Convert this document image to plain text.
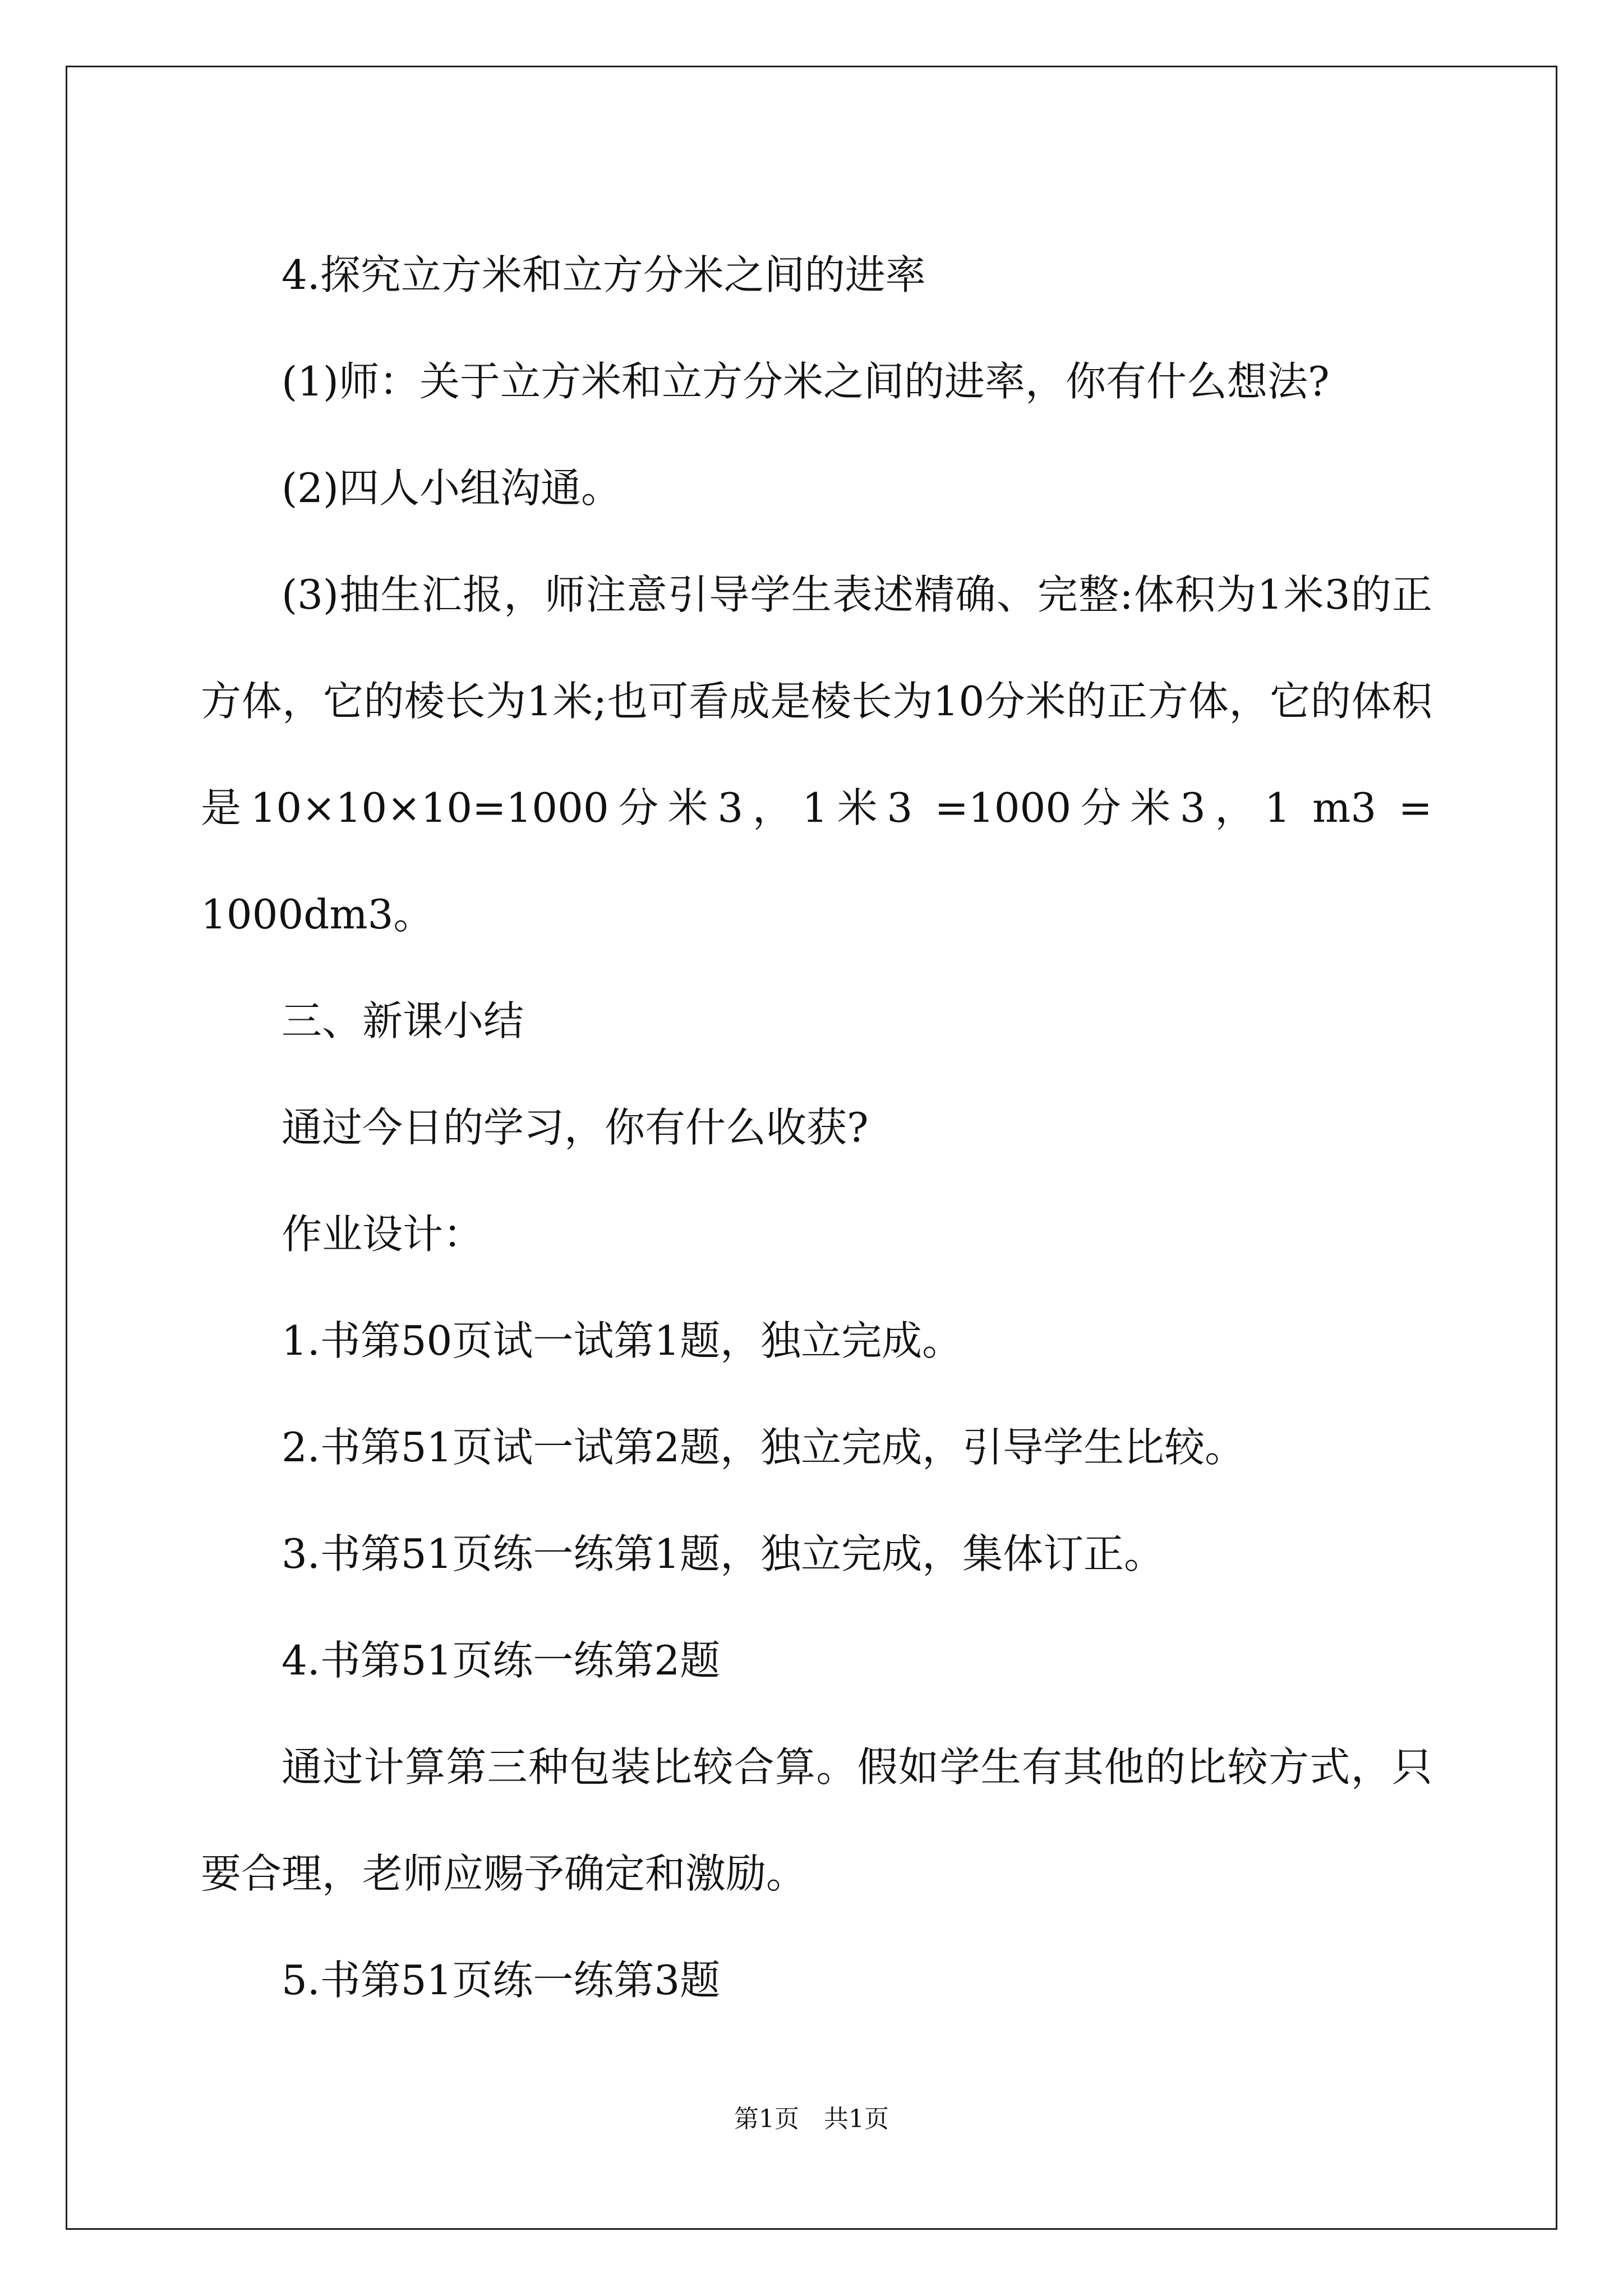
4.探究立方米和立方分米之间的进率

(1)师：关于立方米和立方分米之间的进率，你有什么想法?

(2)四人小组沟通。

(3)抽生汇报，师注意引导学生表述精确、完整:体积为1米3的正方体，它的棱长为1米;也可看成是棱长为10分米的正方体，它的体积是10×10×10=1000分米3，1米3 =1000分米3，1 m3 = 1000dm3。

三、新课小结

通过今日的学习，你有什么收获?

作业设计：

1.书第50页试一试第1题，独立完成。

2.书第51页试一试第2题，独立完成，引导学生比较。

3.书第51页练一练第1题，独立完成，集体订正。

4.书第51页练一练第2题

通过计算第三种包装比较合算。假如学生有其他的比较方式，只要合理，老师应赐予确定和激励。

5.书第51页练一练第3题

第1页 共1页
